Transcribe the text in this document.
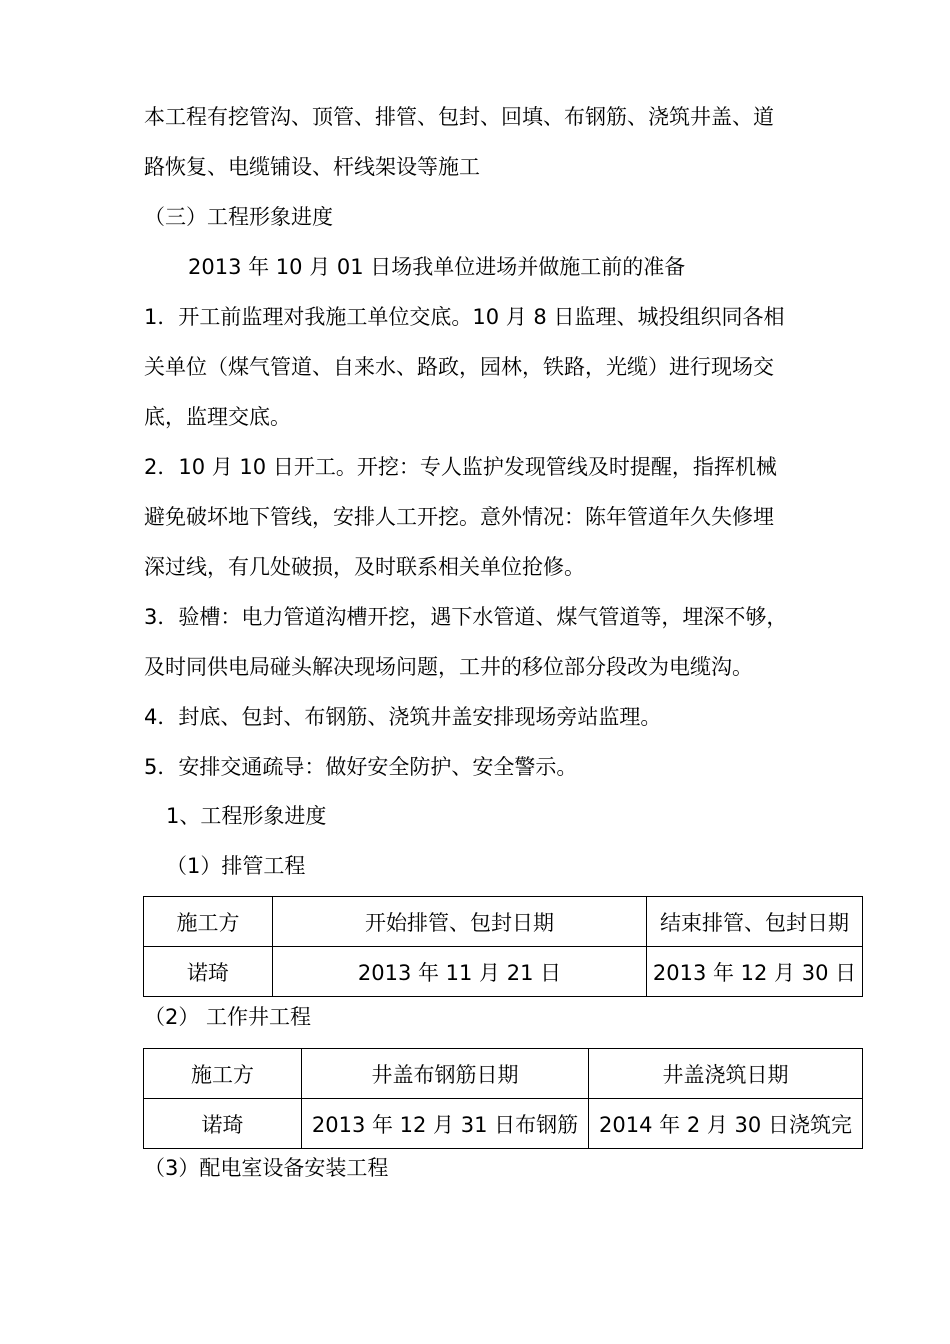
本工程有挖管沟、顶管、排管、包封、回填、布钢筋、浇筑井盖、道
路恢复、电缆铺设、杆线架设等施工
（三）工程形象进度
2013 年 10 月 01 日场我单位进场并做施工前的准备
1．开工前监理对我施工单位交底。10 月 8 日监理、城投组织同各相
关单位（煤气管道、自来水、路政，园林，铁路，光缆）进行现场交
底，监理交底。
2．10 月 10 日开工。开挖：专人监护发现管线及时提醒，指挥机械
避免破坏地下管线，安排人工开挖。意外情况：陈年管道年久失修埋
深过线，有几处破损，及时联系相关单位抢修。
3．验槽：电力管道沟槽开挖，遇下水管道、煤气管道等，埋深不够，
及时同供电局碰头解决现场问题，工井的移位部分段改为电缆沟。
4．封底、包封、布钢筋、浇筑井盖安排现场旁站监理。
5．安排交通疏导：做好安全防护、安全警示。
1、工程形象进度
（1）排管工程
施工方	开始排管、包封日期	结束排管、包封日期
诺琦	2013 年 11 月 21 日	2013 年 12 月 30 日
（2） 工作井工程
施工方	井盖布钢筋日期	井盖浇筑日期
诺琦	2013 年 12 月 31 日布钢筋	2014 年 2 月 30 日浇筑完
（3）配电室设备安装工程
